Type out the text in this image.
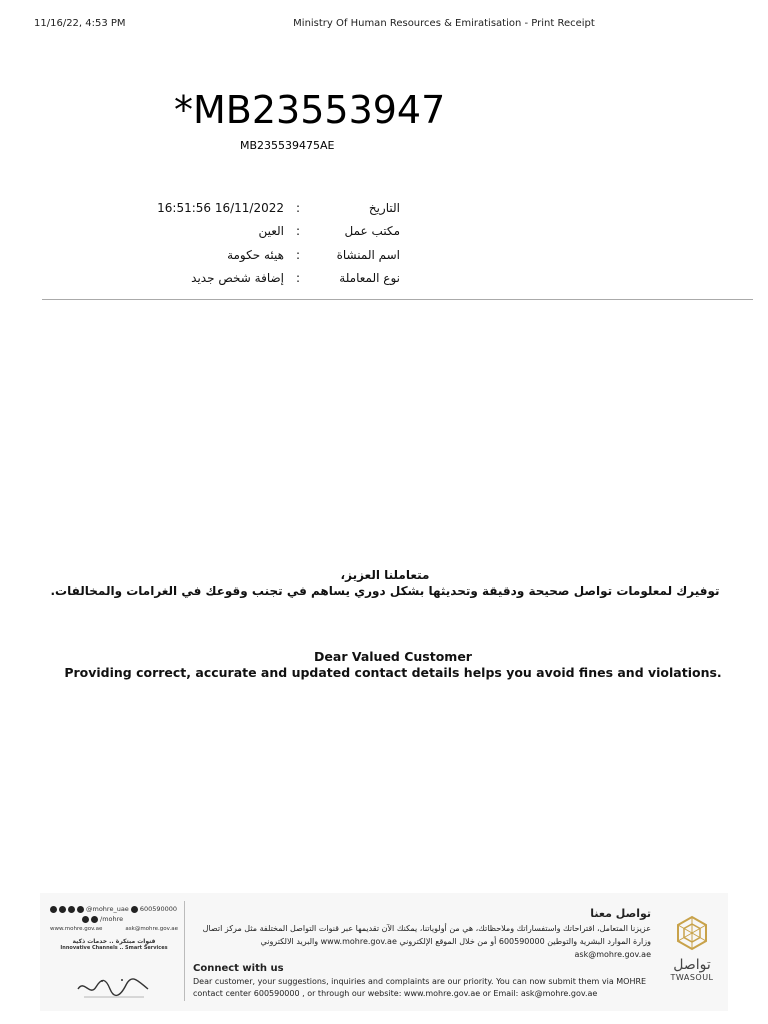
11/16/22, 4:53 PM	Ministry Of Human Resources & Emiratisation - Print Receipt
*MB23553947
MB235539475AE
التاريخ
:
16:51:56 16/11/2022
مكتب عمل
:
العين
اسم المنشاة
:
هيئه حكومة
نوع المعاملة
:
إضافة شخص جديد
متعاملنا العزيز،
توفيرك لمعلومات تواصل صحيحة ودقيقة وتحديثها بشكل دوري يساهم في تجنب وقوعك في الغرامات والمخالفات.
Dear Valued Customer
Providing correct, accurate and updated contact details helps you avoid fines and violations.
@mohre_uae 600590000
/mohre
www.mohre.gov.ae	ask@mohre.gov.ae
قنوات مبتكرة .. خدمات ذكية
Innovative Channels .. Smart Services
تواصل معنا
عزيزنا المتعامل، اقتراحاتك واستفساراتك وملاحظاتك، هي من أولوياتنا، يمكنك الآن تقديمها عبر قنوات التواصل المختلفة مثل مركز اتصال وزارة الموارد البشرية والتوطين 600590000 أو من خلال الموقع الإلكتروني www.mohre.gov.ae والبريد الالكتروني ask@mohre.gov.ae
Connect with us
Dear customer, your suggestions, inquiries and complaints are our priority. You can now submit them via MOHRE contact center 600590000 , or through our website: www.mohre.gov.ae or Email: ask@mohre.gov.ae
تواصل
TWASOUL
